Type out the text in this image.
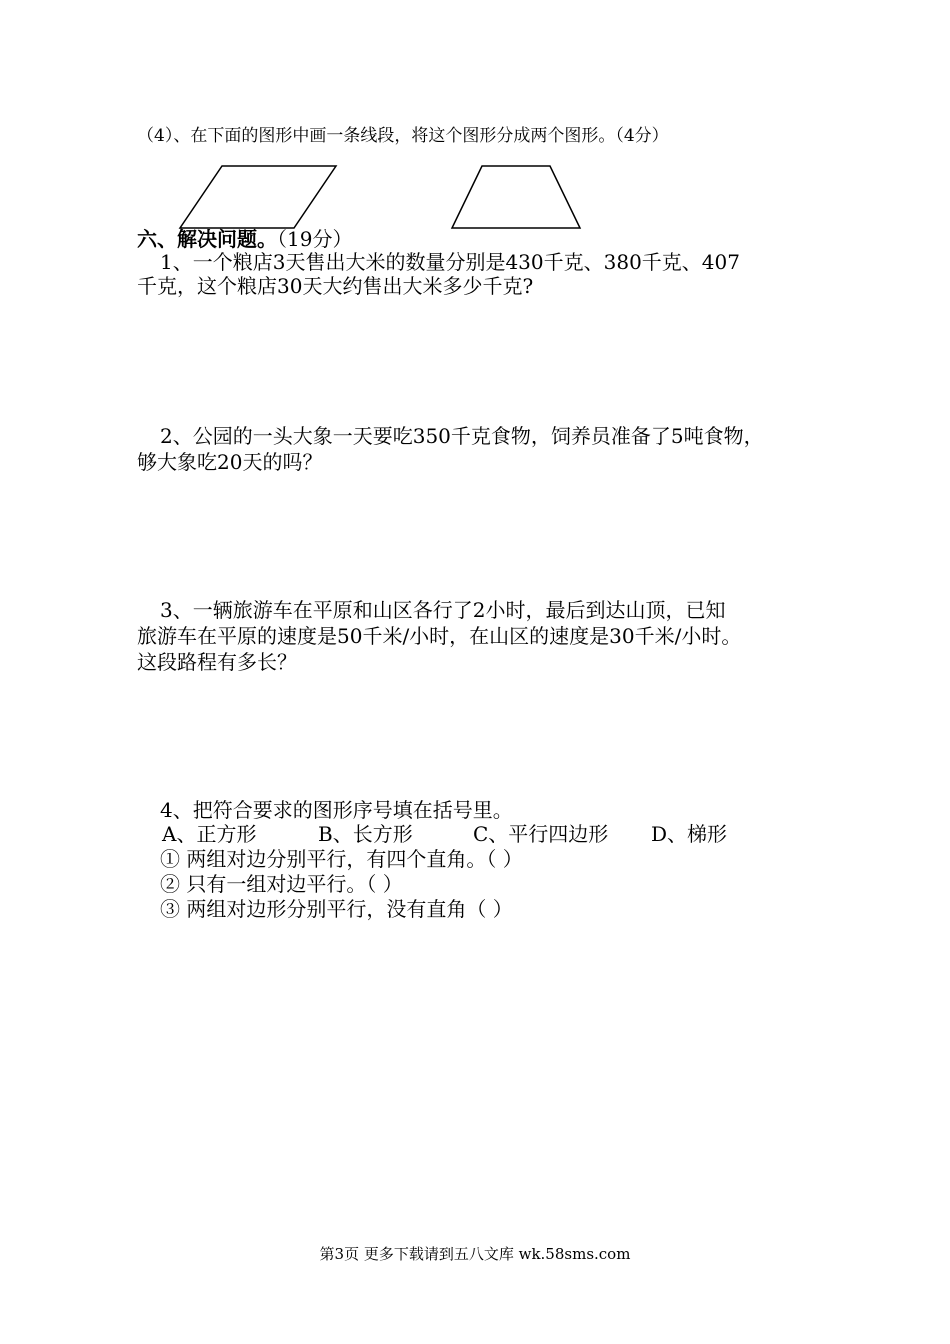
（4）、在下面的图形中画一条线段，将这个图形分成两个图形。（4分）
六、解决问题。（19分）
1、一个粮店3天售出大米的数量分别是430千克、380千克、407
千克，这个粮店30天大约售出大米多少千克?
2、公园的一头大象一天要吃350千克食物，饲养员准备了5吨食物，
够大象吃20天的吗？
3、一辆旅游车在平原和山区各行了2小时，最后到达山顶，已知
旅游车在平原的速度是50千米/小时，在山区的速度是30千米/小时。
这段路程有多长？
4、把符合要求的图形序号填在括号里。
A、正方形	B、长方形	C、平行四边形 D、梯形
① 两组对边分别平行，有四个直角。（ ）
② 只有一组对边平行。（ ）
③ 两组对边形分别平行，没有直角（ ）
第3页 更多下载请到五八文库 wk.58sms.com
